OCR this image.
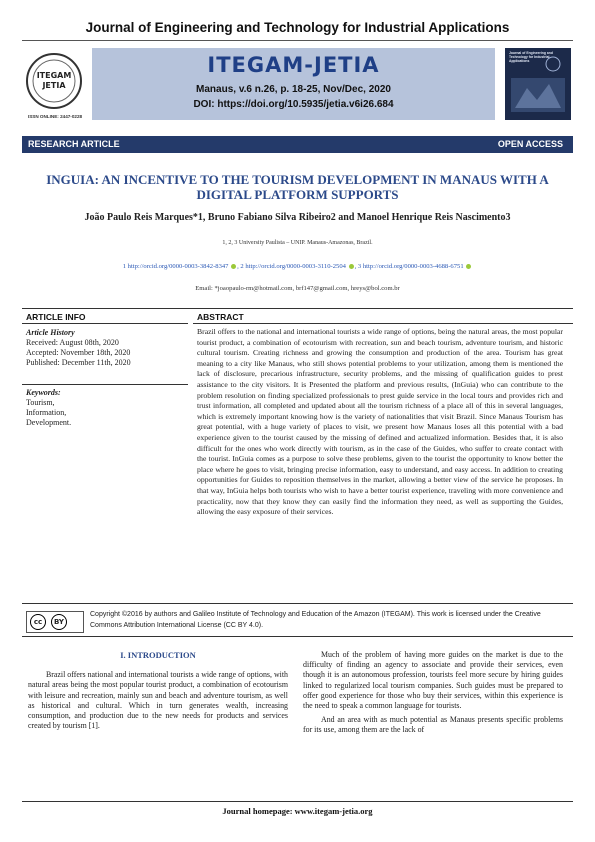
Journal of Engineering and Technology for Industrial Applications
ITEGAM
JETIA
ISSN ONLINE: 2447-0228
ITEGAM-JETIA
Manaus, v.6 n.26, p. 18-25, Nov/Dec, 2020
DOI: https://doi.org/10.5935/jetia.v6i26.684
Journal of Engineering and Technology for Industrial Applications
RESEARCH ARTICLE	OPEN ACCESS
INGUIA: AN INCENTIVE TO THE TOURISM DEVELOPMENT IN MANAUS WITH A DIGITAL PLATFORM SUPPORTS
João Paulo Reis Marques*1, Bruno Fabiano Silva Ribeiro2 and Manoel Henrique Reis Nascimento3
1, 2, 3 University Paulista – UNIP. Manaus-Amazonas, Brazil.
1 http://orcid.org/0000-0003-3842-8347 , 2 http://orcid.org/0000-0003-3110-2504 , 3 http://orcid.org/0000-0003-4688-6751
Email: *joaopaulo-rm@hotmail.com, brf147@gmail.com, hreys@bol.com.br
ARTICLE INFO	ABSTRACT
Article History
Received: August 08th, 2020
Accepted: November 18th, 2020
Published: December 11th, 2020
Keywords:
Tourism,
Information,
Development.
Brazil offers to the national and international tourists a wide range of options, being the natural areas, the most popular tourist product, a combination of ecotourism with recreation, sun and beach tourism, adventure tourism, and historic cultural tourism. Creating richness and growing the consumption and production of the area. Tourism has great meaning to a city like Manaus, who still shows potential problems to your utilization, among them is mentioned the lack of disclosure, precarious infrastructure, security problems, and the missing of qualification guides to prest assistance to the city visitors. It is Presented the platform and previous results, (InGuia) who can contribute to the problem resolution on finding specialized professionals to prest guide service in the local tours and provides rich and trust information, all completed and updated about all the tourism richness of a place all of this in several languages, which is extremely important knowing how is the variety of nationalities that visit Brazil. Since Manaus Tourism has great potential, with a huge variety of places to visit, we present how Manaus loses all this potential with a bad experience given to the tourist caused by the missing of defined and actualized information. Besides that, it is also difficult for the ones who work directly with tourism, as in the case of the Guides, who suffer to create contact with the tourist. InGuia comes as a purpose to solve these problems, given to the tourist the opportunity to know better the place where he goes to visit, bringing precise information, easy to understand, and easy access. In addition to creating opportunities for Guides to reposition themselves in the market, allowing a better view of the service he proposes. In that way, InGuia helps both tourists who wish to have a better tourist experience, traveling with more convenience and practicality, now that they know they can easily find the information they need, as well as supporting the Guides, allowing the easy exposure of their services.
cc	BY
Copyright ©2016 by authors and Galileo Institute of Technology and Education of the Amazon (ITEGAM). This work is licensed under the Creative Commons Attribution International License (CC BY 4.0).
I. INTRODUCTION

Brazil offers national and international tourists a wide range of options, with natural areas being the most popular tourist product, a combination of ecotourism with leisure and recreation, mainly sun and beach and adventure tourism, as well as historical and cultural. Which in turn generates wealth, increasing consumption, and production due to the new needs for products and services created by tourism [1].

Much of the problem of having more guides on the market is due to the difficulty of finding an agency to associate and provide their services, even though it is an autonomous profession, tourists feel more secure by hiring guides linked to regularized local tourism companies. Such guides must be prepared to offer good experience for those who buy their services, within this experience is the need to speak a common language for tourists.

And an area with as much potential as Manaus presents specific problems for its use, among them are the lack of

Journal homepage: www.itegam-jetia.org
